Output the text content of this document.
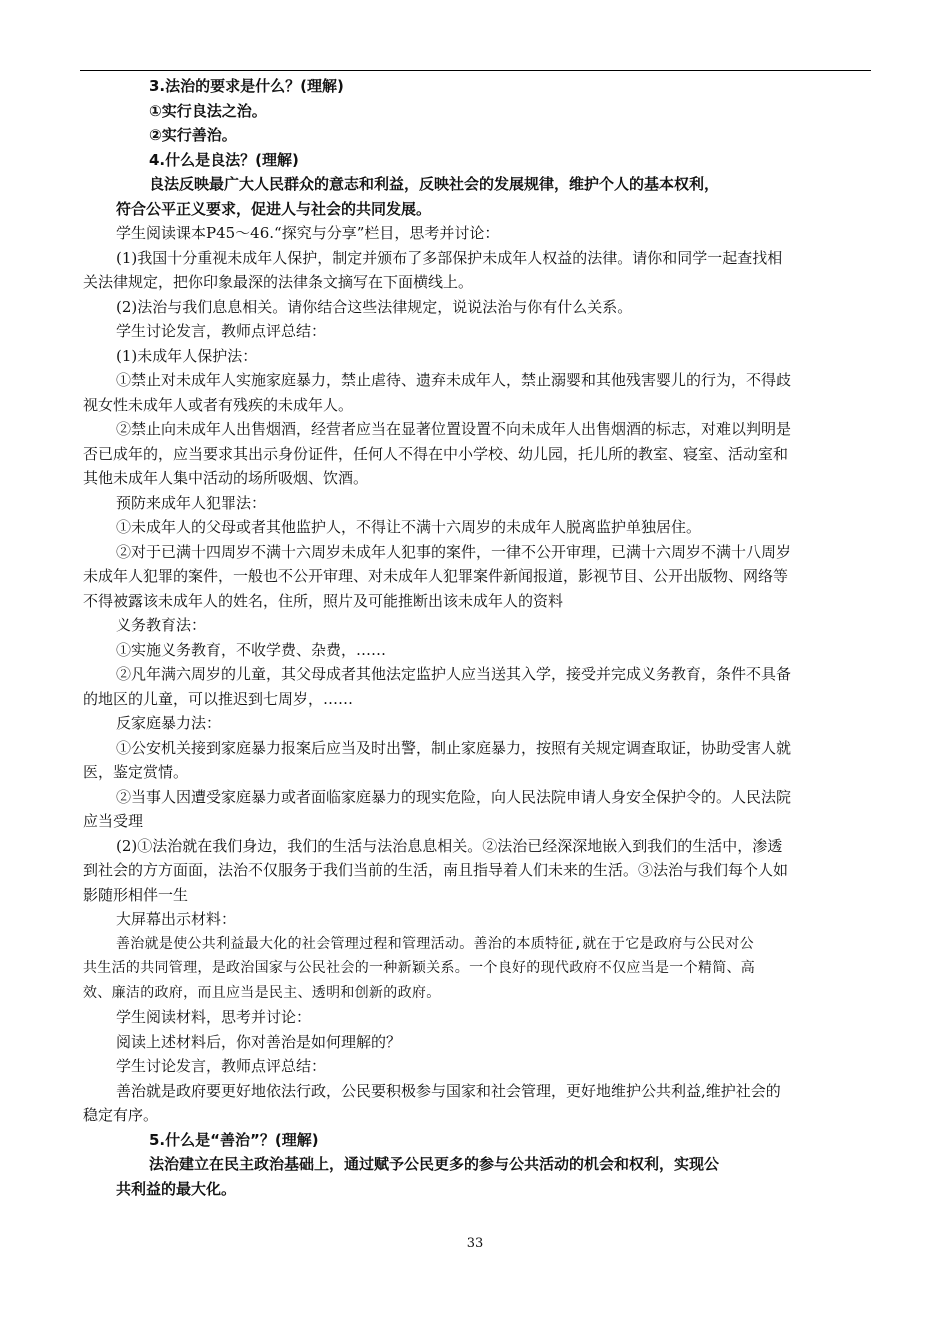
3.法治的要求是什么？(理解)
①实行良法之治。
②实行善治。
4.什么是良法？(理解)
良法反映最广大人民群众的意志和利益，反映社会的发展规律，维护个人的基本权利，
符合公平正义要求，促进人与社会的共同发展。
学生阅读课本P45～46.“探究与分享”栏目，思考并讨论：
(1)我国十分重视未成年人保护，制定并颁布了多部保护未成年人权益的法律。请你和同学一起查找相
关法律规定，把你印象最深的法律条文摘写在下面横线上。
(2)法治与我们息息相关。请你结合这些法律规定，说说法治与你有什么关系。
学生讨论发言，教师点评总结：
(1)未成年人保护法：
①禁止对未成年人实施家庭暴力，禁止虐待、遗弃未成年人，禁止溺婴和其他残害婴儿的行为，不得歧
视女性未成年人或者有残疾的未成年人。
②禁止向未成年人出售烟酒，经营者应当在显著位置设置不向未成年人出售烟酒的标志，对难以判明是
否已成年的，应当要求其出示身份证件，任何人不得在中小学校、幼儿园，托儿所的教室、寝室、活动室和
其他未成年人集中活动的场所吸烟、饮酒。
预防来成年人犯罪法：
①未成年人的父母或者其他监护人，不得让不满十六周岁的未成年人脱离监护单独居住。
②对于已满十四周岁不满十六周岁未成年人犯事的案件，一律不公开审理，已满十六周岁不满十八周岁
未成年人犯罪的案件，一般也不公开审理、对未成年人犯罪案件新闻报道，影视节目、公开出版物、网络等
不得被露该未成年人的姓名，住所，照片及可能推断出该未成年人的资料
义务教育法：
①实施义务教育，不收学费、杂费，……
②凡年满六周岁的儿童，其父母成者其他法定监护人应当送其入学，接受并完成义务教育，条件不具备
的地区的儿童，可以推迟到七周岁，……
反家庭暴力法：
①公安机关接到家庭暴力报案后应当及时出警，制止家庭暴力，按照有关规定调查取证，协助受害人就
医，鉴定赏情。
②当事人因遭受家庭暴力或者面临家庭暴力的现实危险，向人民法院申请人身安全保护令的。人民法院
应当受理
(2)①法治就在我们身边，我们的生活与法治息息相关。②法治已经深深地嵌入到我们的生活中，渗透
到社会的方方面面，法治不仅服务于我们当前的生活，南且指导着人们未来的生活。③法治与我们每个人如
影随形相伴一生
大屏幕出示材料：
善治就是使公共利益最大化的社会管理过程和管理活动。善治的本质特征,就在于它是政府与公民对公
共生活的共同管理，是政治国家与公民社会的一种新颖关系。一个良好的现代政府不仅应当是一个精简、高
效、廉洁的政府，而且应当是民主、透明和创新的政府。
学生阅读材料，思考并讨论：
阅读上述材料后，你对善治是如何理解的？
学生讨论发言，教师点评总结：
善治就是政府要更好地依法行政，公民要积极参与国家和社会管理，更好地维护公共利益,维护社会的
稳定有序。
5.什么是“善治”？(理解)
法治建立在民主政治基础上，通过赋予公民更多的参与公共活动的机会和权利，实现公
共利益的最大化。
33
